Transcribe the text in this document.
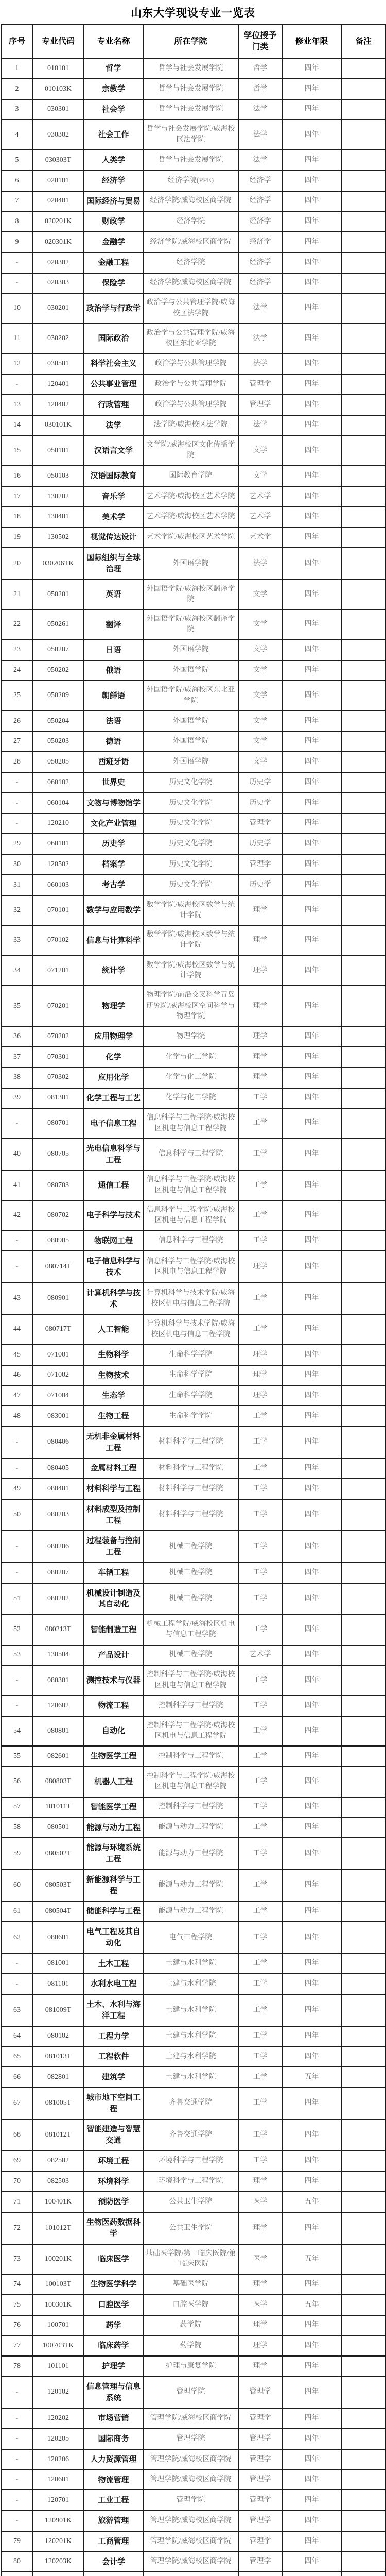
山东大学现设专业一览表
序号	专业代码	专业名称	所在学院	学位授予门类	修业年限	备注
1	010101	哲学	哲学与社会发展学院	哲学	四年	
2	010103K	宗教学	哲学与社会发展学院	哲学	四年	
3	030301	社会学	哲学与社会发展学院	法学	四年	
4	030302	社会工作	哲学与社会发展学院/威海校区法学院	法学	四年	
5	030303T	人类学	哲学与社会发展学院	法学	四年	
6	020101	经济学	经济学院(PPE)	经济学	四年	
7	020401	国际经济与贸易	经济学院/威海校区商学院	经济学	四年	
8	020201K	财政学	经济学院	经济学	四年	
9	020301K	金融学	经济学院/威海校区商学院	经济学	四年	
-	020302	金融工程	经济学院	经济学	四年	
-	020303	保险学	经济学院/威海校区商学院	经济学	四年	
10	030201	政治学与行政学	政治学与公共管理学院/威海校区法学院	法学	四年	
11	030202	国际政治	政治学与公共管理学院/威海校区东北亚学院	法学	四年	
12	030501	科学社会主义	政治学与公共管理学院	法学	四年	
-	120401	公共事业管理	政治学与公共管理学院	管理学	四年	
13	120402	行政管理	政治学与公共管理学院	管理学	四年	
14	030101K	法学	法学院/威海校区法学院	法学	四年	
15	050101	汉语言文学	文学院/威海校区文化传播学院	文学	四年	
16	050103	汉语国际教育	国际教育学院	文学	四年	
17	130202	音乐学	艺术学院/威海校区艺术学院	艺术学	四年	
18	130401	美术学	艺术学院/威海校区艺术学院	艺术学	四年	
19	130502	视觉传达设计	艺术学院/威海校区艺术学院	艺术学	四年	
20	030206TK	国际组织与全球治理	外国语学院	法学	四年	
21	050201	英语	外国语学院/威海校区翻译学院	文学	四年	
22	050261	翻译	外国语学院/威海校区翻译学院	文学	四年	
23	050207	日语	外国语学院	文学	四年	
24	050202	俄语	外国语学院	文学	四年	
25	050209	朝鲜语	外国语学院/威海校区东北亚学院	文学	四年	
26	050204	法语	外国语学院	文学	四年	
27	050203	德语	外国语学院	文学	四年	
28	050205	西班牙语	外国语学院	文学	四年	
-	060102	世界史	历史文化学院	历史学	四年	
-	060104	文物与博物馆学	历史文化学院	历史学	四年	
-	120210	文化产业管理	历史文化学院	管理学	四年	
29	060101	历史学	历史文化学院	历史学	四年	
30	120502	档案学	历史文化学院	管理学	四年	
31	060103	考古学	历史文化学院	历史学	四年	
32	070101	数学与应用数学	数学学院/威海校区数学与统计学院	理学	四年	
33	070102	信息与计算科学	数学学院/威海校区数学与统计学院	理学	四年	
34	071201	统计学	数学学院/威海校区数学与统计学院	理学	四年	
35	070201	物理学	物理学院/前沿交叉科学青岛研究院/威海校区空间科学与物理学院	理学	四年	
36	070202	应用物理学	物理学院	理学	四年	
37	070301	化学	化学与化工学院	理学	四年	
38	070302	应用化学	化学与化工学院	理学	四年	
39	081301	化学工程与工艺	化学与化工学院	工学	四年	
-	080701	电子信息工程	信息科学与工程学院/威海校区机电与信息工程学院	工学	四年	
40	080705	光电信息科学与工程	信息科学与工程学院	工学	四年	
41	080703	通信工程	信息科学与工程学院/威海校区机电与信息工程学院	工学	四年	
42	080702	电子科学与技术	信息科学与工程学院/威海校区机电与信息工程学院	工学	四年	
-	080905	物联网工程	信息科学与工程学院	工学	四年	
-	080714T	电子信息科学与技术	信息科学与工程学院/威海校区机电与信息工程学院	理学	四年	
43	080901	计算机科学与技术	计算机科学与技术学院/威海校区机电与信息工程学院	工学	四年	
44	080717T	人工智能	计算机科学与技术学院/威海校区机电与信息工程学院	工学	四年	
45	071001	生物科学	生命科学学院	理学	四年	
46	071002	生物技术	生命科学学院	理学	四年	
47	071004	生态学	生命科学学院	理学	四年	
48	083001	生物工程	生命科学学院	工学	四年	
-	080406	无机非金属材料工程	材料科学与工程学院	工学	四年	
-	080405	金属材料工程	材料科学与工程学院	工学	四年	
49	080401	材料科学与工程	材料科学与工程学院	工学	四年	
50	080203	材料成型及控制工程	材料科学与工程学院	工学	四年	
-	080206	过程装备与控制工程	机械工程学院	工学	四年	
-	080207	车辆工程	机械工程学院	工学	四年	
51	080202	机械设计制造及其自动化	机械工程学院	工学	四年	
52	080213T	智能制造工程	机械工程学院/威海校区机电与信息工程学院	工学	四年	
53	130504	产品设计	机械工程学院	艺术学	四年	
-	080301	测控技术与仪器	控制科学与工程学院/威海校区机电与信息工程学院	工学	四年	
-	120602	物流工程	控制科学与工程学院	工学	四年	
54	080801	自动化	控制科学与工程学院/威海校区机电与信息工程学院	工学	四年	
55	082601	生物医学工程	控制科学与工程学院	工学	四年	
56	080803T	机器人工程	控制科学与工程学院/威海校区机电与信息工程学院	工学	四年	
57	101011T	智能医学工程	控制科学与工程学院	工学	四年	
58	080501	能源与动力工程	能源与动力工程学院	工学	四年	
59	080502T	能源与环境系统工程	能源与动力工程学院	工学	四年	
60	080503T	新能源科学与工程	能源与动力工程学院	工学	四年	
61	080504T	储能科学与工程	能源与动力工程学院	工学	四年	
62	080601	电气工程及其自动化	电气工程学院	工学	四年	
-	081001	土木工程	土建与水利学院	工学	四年	
-	081101	水利水电工程	土建与水利学院	工学	四年	
63	081009T	土木、水利与海洋工程	土建与水利学院	工学	四年	
64	080102	工程力学	土建与水利学院	工学	四年	
65	081013T	工程软件	土建与水利学院	工学	四年	
66	082801	建筑学	土建与水利学院	工学	五年	
67	081005T	城市地下空间工程	齐鲁交通学院	工学	四年	
68	081012T	智能建造与智慧交通	齐鲁交通学院	工学	四年	
69	082502	环境工程	环境科学与工程学院	工学	四年	
70	082503	环境科学	环境科学与工程学院	理学	四年	
71	100401K	预防医学	公共卫生学院	医学	五年	
72	101012T	生物医药数据科学	公共卫生学院	理学	四年	
73	100201K	临床医学	基础医学院/第一临床医院/第二临床医院	医学	五年	
74	100103T	生物医学科学	基础医学院	理学	四年	
75	100301K	口腔医学	口腔医学院	医学	五年	
76	100701	药学	药学院	理学	四年	
77	100703TK	临床药学	药学院	理学	四年	
78	101101	护理学	护理与康复学院	理学	四年	
-	120102	信息管理与信息系统	管理学院	管理学	四年	
-	120202	市场营销	管理学院/威海校区商学院	管理学	四年	
-	120205	国际商务	管理学院	管理学	四年	
-	120206	人力资源管理	管理学院/威海校区商学院	管理学	四年	
-	120601	物流管理	管理学院/威海校区商学院	管理学	四年	
-	120701	工业工程	管理学院	管理学	四年	
-	120901K	旅游管理	管理学院/威海校区商学院	管理学	四年	
79	120201K	工商管理	管理学院/威海校区商学院	管理学	四年	
80	120203K	会计学	管理学院/威海校区商学院	管理学	四年	
